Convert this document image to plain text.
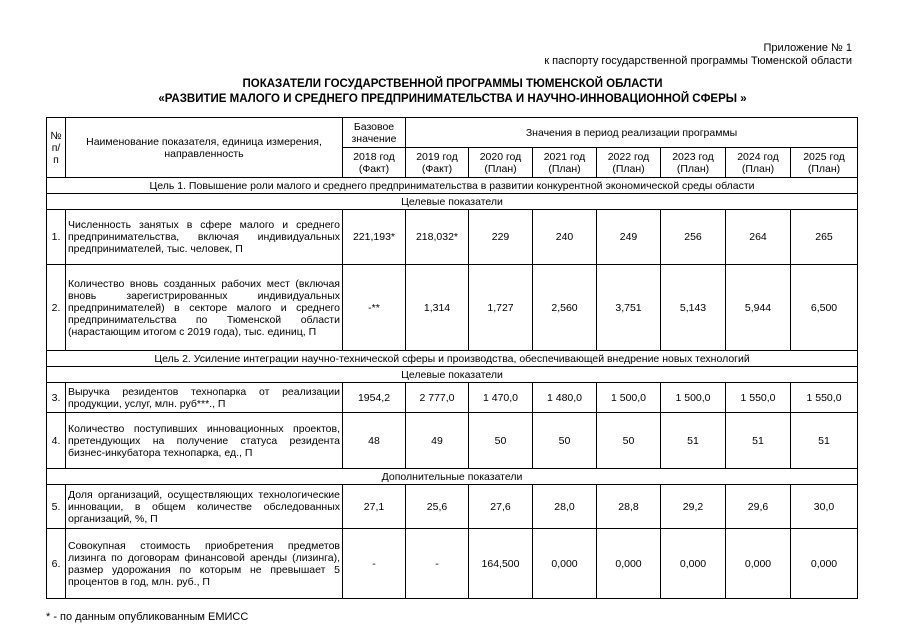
Приложение № 1
к паспорту государственной программы Тюменской области
ПОКАЗАТЕЛИ ГОСУДАРСТВЕННОЙ ПРОГРАММЫ ТЮМЕНСКОЙ ОБЛАСТИ
«РАЗВИТИЕ МАЛОГО И СРЕДНЕГО ПРЕДПРИНИМАТЕЛЬСТВА И НАУЧНО-ИННОВАЦИОННОЙ СФЕРЫ »
№ п/п	Наименование показателя, единица измерения, направленность	Базовое значение	Значения в период реализации программы						
		2018 год (Факт)	2019 год (Факт)	2020 год (План)	2021 год (План)	2022 год (План)	2023 год (План)	2024 год (План)	2025 год (План)
Цель 1. Повышение роли малого и среднего предпринимательства в развитии конкурентной экономической среды области									
Целевые показатели									
1.	Численность занятых в сфере малого и среднего предпринимательства, включая индивидуальных предпринимателей, тыс. человек, П	221,193*	218,032*	229	240	249	256	264	265
2.	Количество вновь созданных рабочих мест (включая вновь зарегистрированных индивидуальных предпринимателей) в секторе малого и среднего предпринимательства по Тюменской области (нарастающим итогом с 2019 года), тыс. единиц, П	-**	1,314	1,727	2,560	3,751	5,143	5,944	6,500
Цель 2. Усиление интеграции научно-технической сферы и производства, обеспечивающей внедрение новых технологий									
Целевые показатели									
3.	Выручка резидентов технопарка от реализации продукции, услуг, млн. руб***., П	1954,2	2 777,0	1 470,0	1 480,0	1 500,0	1 500,0	1 550,0	1 550,0
4.	Количество поступивших инновационных проектов, претендующих на получение статуса резидента бизнес-инкубатора технопарка, ед., П	48	49	50	50	50	51	51	51
Дополнительные показатели									
5.	Доля организаций, осуществляющих технологические инновации, в общем количестве обследованных организаций, %, П	27,1	25,6	27,6	28,0	28,8	29,2	29,6	30,0
6.	Совокупная стоимость приобретения предметов лизинга по договорам финансовой аренды (лизинга), размер удорожания по которым не превышает 5 процентов в год, млн. руб., П	-	-	164,500	0,000	0,000	0,000	0,000	0,000
* - по данным опубликованным ЕМИСС
